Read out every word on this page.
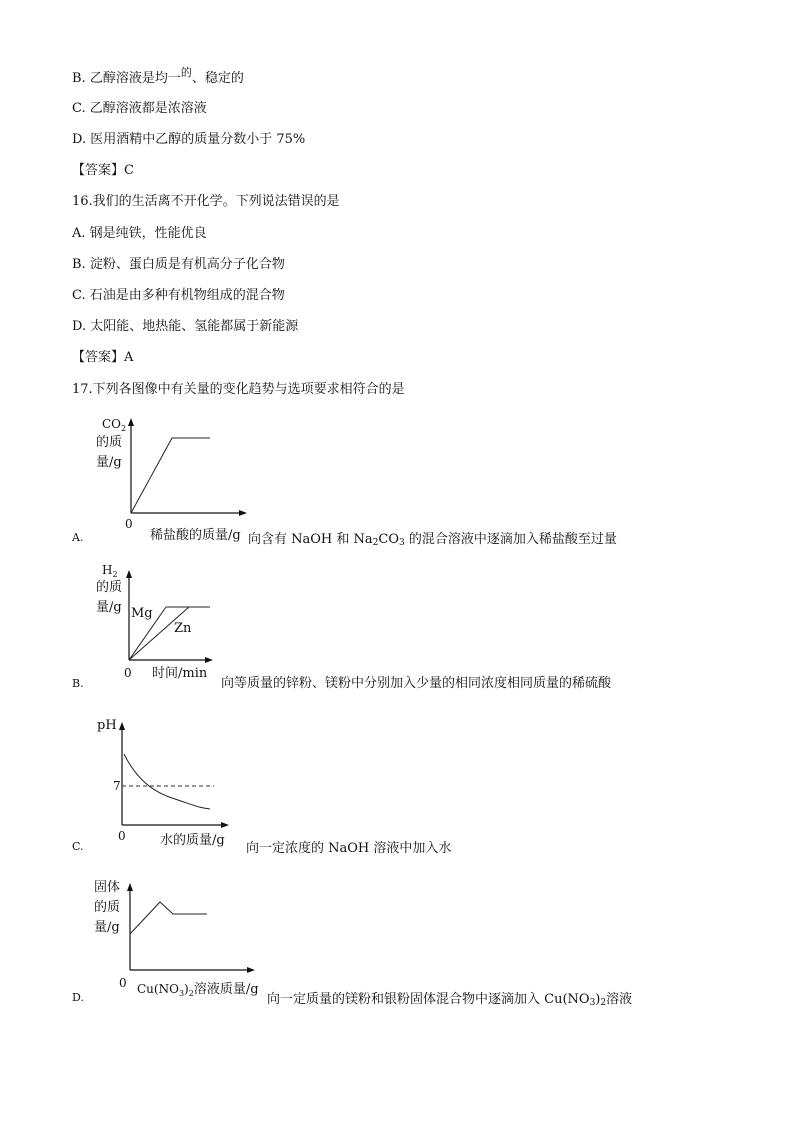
B. 乙醇溶液是均一$^的$、稳定的
C. 乙醇溶液都是浓溶液
D. 医用酒精中乙醇的质量分数小于 75%
【答案】C
16.我们的生活离不开化学。下列说法错误的是
A. 钢是纯铁，性能优良
B. 淀粉、蛋白质是有机高分子化合物
C. 石油是由多种有机物组成的混合物
D. 太阳能、地热能、氢能都属于新能源
【答案】A
17.下列各图像中有关量的变化趋势与选项要求相符合的是
$CO_2$
的质
量/g
0
稀盐酸的质量/g
A.	向含有 NaOH 和 $Na_2CO_3$ 的混合溶液中逐滴加入稀盐酸至过量
$H_2$
的质
量/g Mg
Zn
0 时间/min
B.	向等质量的锌粉、镁粉中分别加入少量的相同浓度相同质量的稀硫酸
pH
7
0	水的质量/g
C.	向一定浓度的 NaOH 溶液中加入水
固体
的质
量/g
0 $Cu(NO_3)_2$溶液质量/g
D.	向一定质量的镁粉和银粉固体混合物中逐滴加入 $Cu(NO_3)_2$溶液
